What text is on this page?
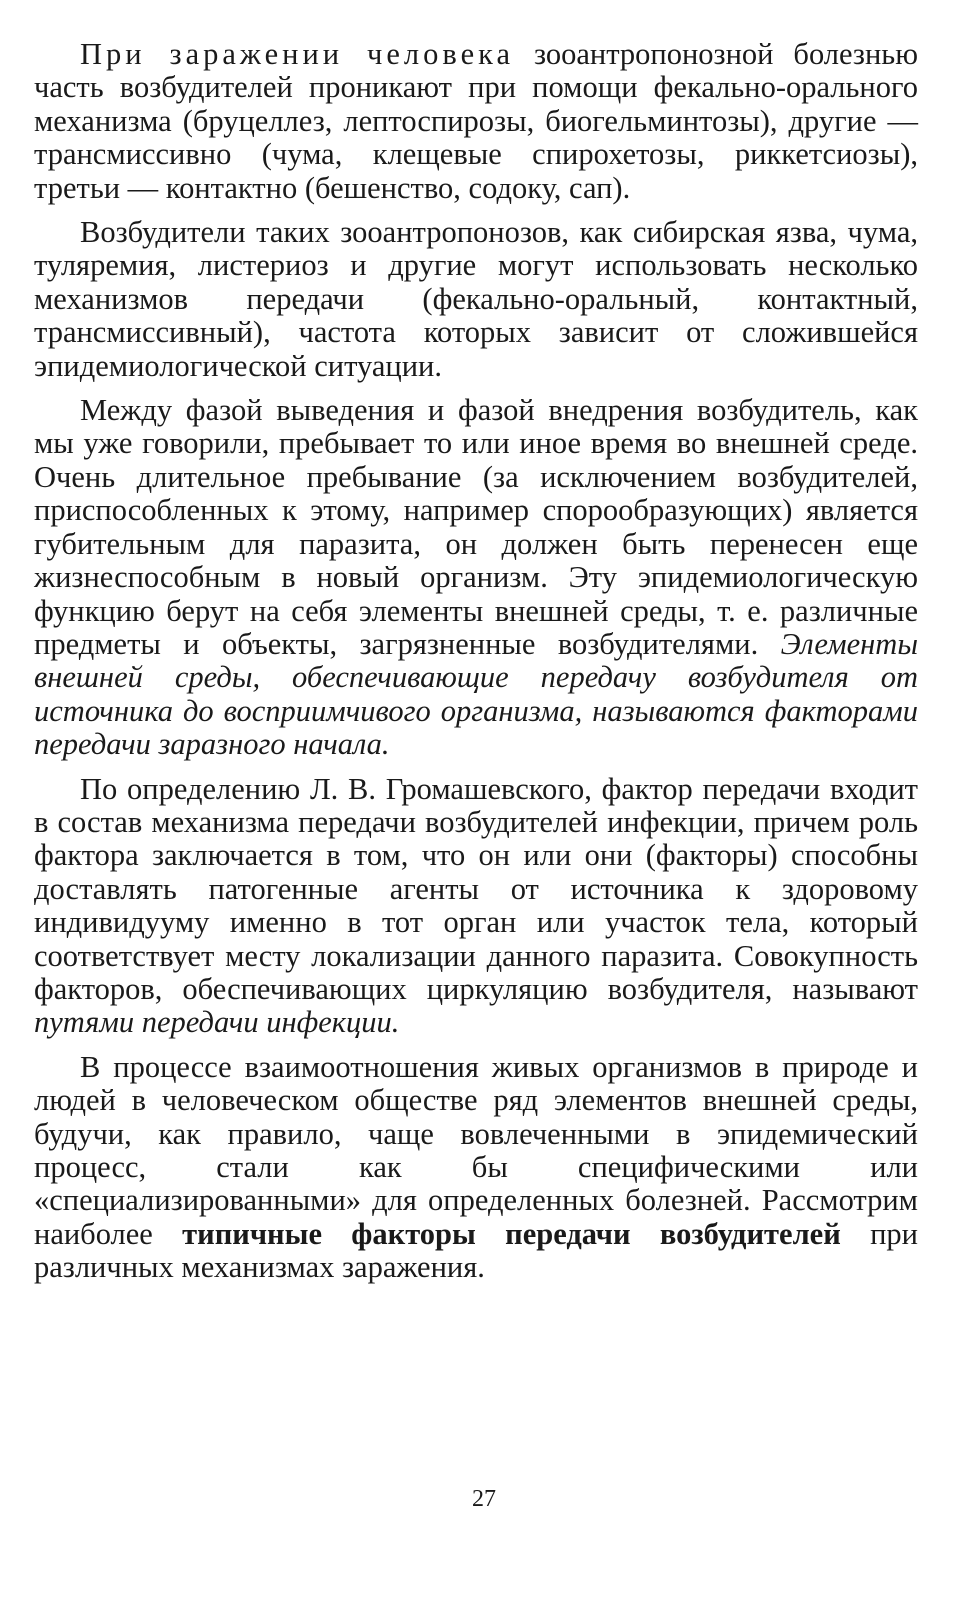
При заражении человека зооантропонозной болезнью часть возбудителей проникают при помощи фекально-орального механизма (бруцеллез, лептоспирозы, биогельминтозы), другие — трансмиссивно (чума, клещевые спирохетозы, риккетсиозы), третьи — контактно (бешенство, содоку, сап).

Возбудители таких зооантропонозов, как сибирская язва, чума, туляремия, листериоз и другие могут использовать несколько механизмов передачи (фекально-оральный, контактный, трансмиссивный), частота которых зависит от сложившейся эпидемиологической ситуации.

Между фазой выведения и фазой внедрения возбудитель, как мы уже говорили, пребывает то или иное время во внешней среде. Очень длительное пребывание (за исключением возбудителей, приспособленных к этому, например спорообразующих) является губительным для паразита, он должен быть перенесен еще жизнеспособным в новый организм. Эту эпидемиологическую функцию берут на себя элементы внешней среды, т. е. различные предметы и объекты, загрязненные возбудителями. Элементы внешней среды, обеспечивающие передачу возбудителя от источника до восприимчивого организма, называются факторами передачи заразного начала.

По определению Л. В. Громашевского, фактор передачи входит в состав механизма передачи возбудителей инфекции, причем роль фактора заключается в том, что он или они (факторы) способны доставлять патогенные агенты от источника к здоровому индивидууму именно в тот орган или участок тела, который соответствует месту локализации данного паразита. Совокупность факторов, обеспечивающих циркуляцию возбудителя, называют путями передачи инфекции.

В процессе взаимоотношения живых организмов в природе и людей в человеческом обществе ряд элементов внешней среды, будучи, как правило, чаще вовлеченными в эпидемический процесс, стали как бы специфическими или «специализированными» для определенных болезней. Рассмотрим наиболее типичные факторы передачи возбудителей при различных механизмах заражения.

27
